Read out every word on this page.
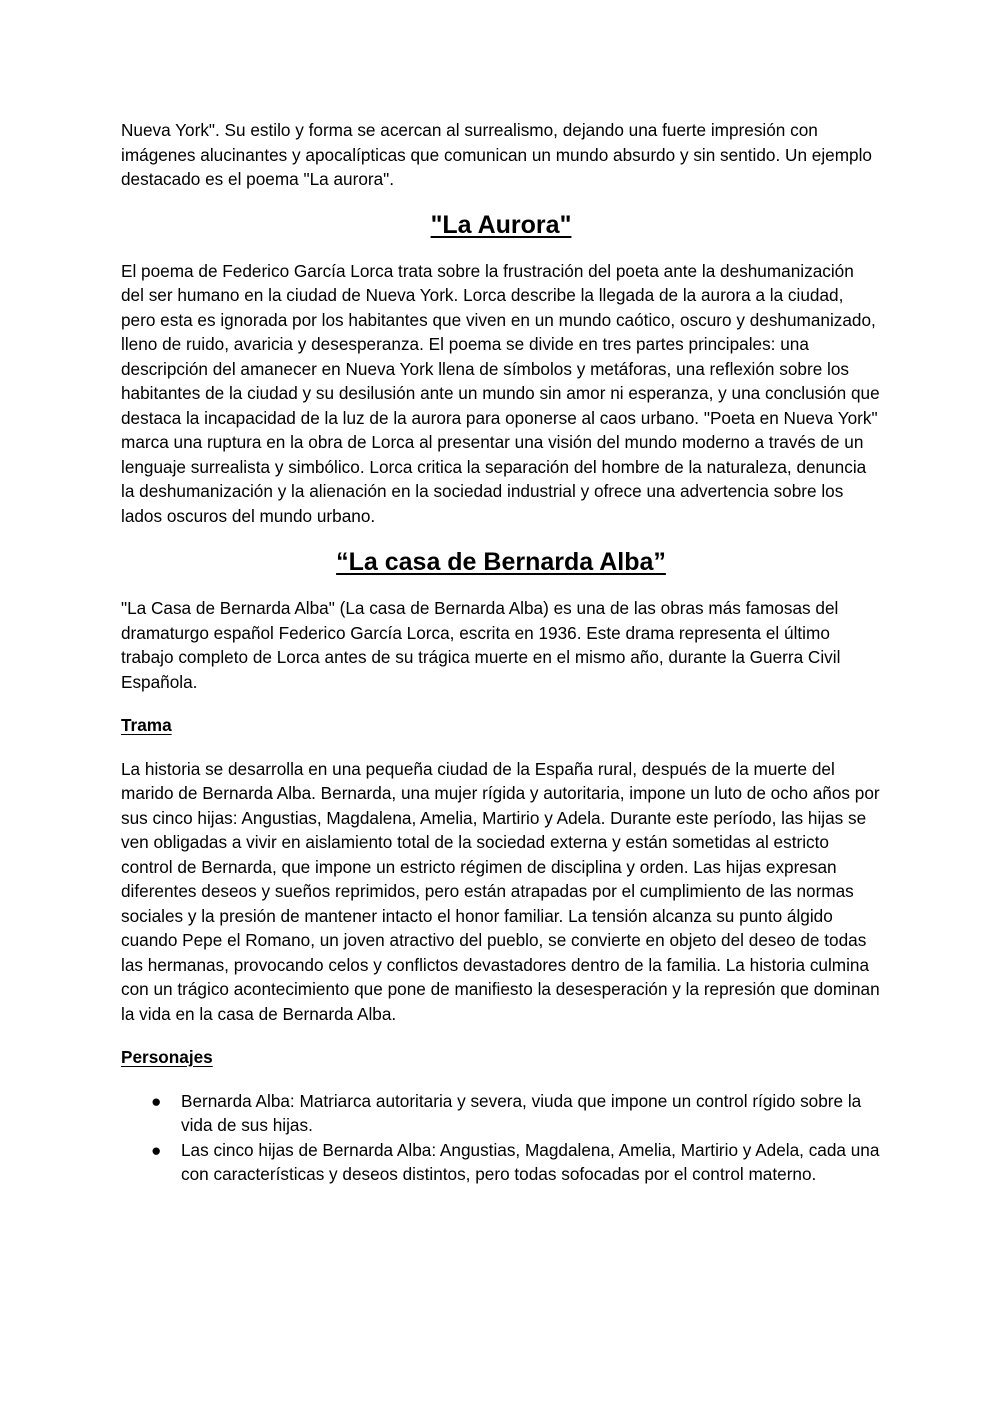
Nueva York". Su estilo y forma se acercan al surrealismo, dejando una fuerte impresión con imágenes alucinantes y apocalípticas que comunican un mundo absurdo y sin sentido. Un ejemplo destacado es el poema "La aurora".

"La Aurora"

El poema de Federico García Lorca trata sobre la frustración del poeta ante la deshumanización del ser humano en la ciudad de Nueva York. Lorca describe la llegada de la aurora a la ciudad, pero esta es ignorada por los habitantes que viven en un mundo caótico, oscuro y deshumanizado, lleno de ruido, avaricia y desesperanza. El poema se divide en tres partes principales: una descripción del amanecer en Nueva York llena de símbolos y metáforas, una reflexión sobre los habitantes de la ciudad y su desilusión ante un mundo sin amor ni esperanza, y una conclusión que destaca la incapacidad de la luz de la aurora para oponerse al caos urbano. "Poeta en Nueva York" marca una ruptura en la obra de Lorca al presentar una visión del mundo moderno a través de un lenguaje surrealista y simbólico. Lorca critica la separación del hombre de la naturaleza, denuncia la deshumanización y la alienación en la sociedad industrial y ofrece una advertencia sobre los lados oscuros del mundo urbano.

“La casa de Bernarda Alba”

"La Casa de Bernarda Alba" (La casa de Bernarda Alba) es una de las obras más famosas del dramaturgo español Federico García Lorca, escrita en 1936. Este drama representa el último trabajo completo de Lorca antes de su trágica muerte en el mismo año, durante la Guerra Civil Española.

Trama

La historia se desarrolla en una pequeña ciudad de la España rural, después de la muerte del marido de Bernarda Alba. Bernarda, una mujer rígida y autoritaria, impone un luto de ocho años por sus cinco hijas: Angustias, Magdalena, Amelia, Martirio y Adela. Durante este período, las hijas se ven obligadas a vivir en aislamiento total de la sociedad externa y están sometidas al estricto control de Bernarda, que impone un estricto régimen de disciplina y orden. Las hijas expresan diferentes deseos y sueños reprimidos, pero están atrapadas por el cumplimiento de las normas sociales y la presión de mantener intacto el honor familiar. La tensión alcanza su punto álgido cuando Pepe el Romano, un joven atractivo del pueblo, se convierte en objeto del deseo de todas las hermanas, provocando celos y conflictos devastadores dentro de la familia. La historia culmina con un trágico acontecimiento que pone de manifiesto la desesperación y la represión que dominan la vida en la casa de Bernarda Alba.

Personajes
● Bernarda Alba: Matriarca autoritaria y severa, viuda que impone un control rígido sobre la vida de sus hijas.
● Las cinco hijas de Bernarda Alba: Angustias, Magdalena, Amelia, Martirio y Adela, cada una con características y deseos distintos, pero todas sofocadas por el control materno.
